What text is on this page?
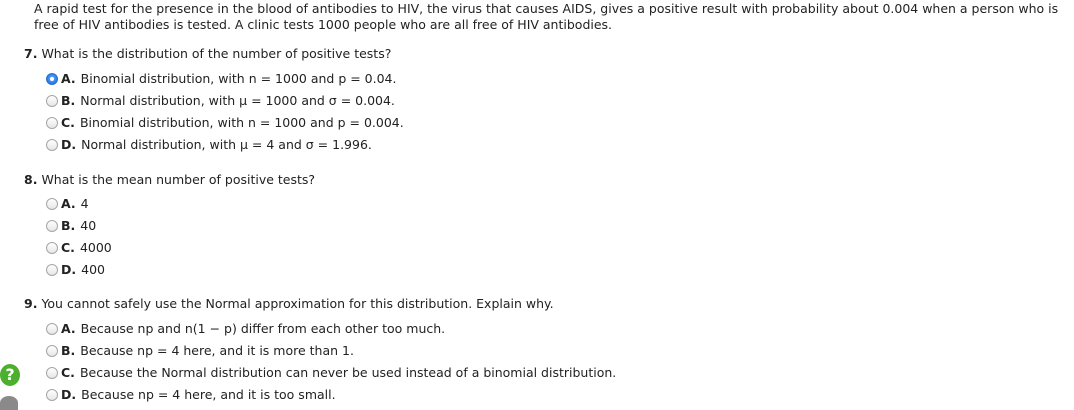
A rapid test for the presence in the blood of antibodies to HIV, the virus that causes AIDS, gives a positive result with probability about 0.004 when a person who is free of HIV antibodies is tested. A clinic tests 1000 people who are all free of HIV antibodies.
7. What is the distribution of the number of positive tests?
A. Binomial distribution, with n = 1000 and p = 0.04.
B. Normal distribution, with μ = 1000 and σ = 0.004.
C. Binomial distribution, with n = 1000 and p = 0.004.
D. Normal distribution, with μ = 4 and σ = 1.996.
8. What is the mean number of positive tests?
A. 4
B. 40
C. 4000
D. 400
9. You cannot safely use the Normal approximation for this distribution. Explain why.
A. Because np and n(1 − p) differ from each other too much.
B. Because np = 4 here, and it is more than 1.
C. Because the Normal distribution can never be used instead of a binomial distribution.
D. Because np = 4 here, and it is too small.
?
